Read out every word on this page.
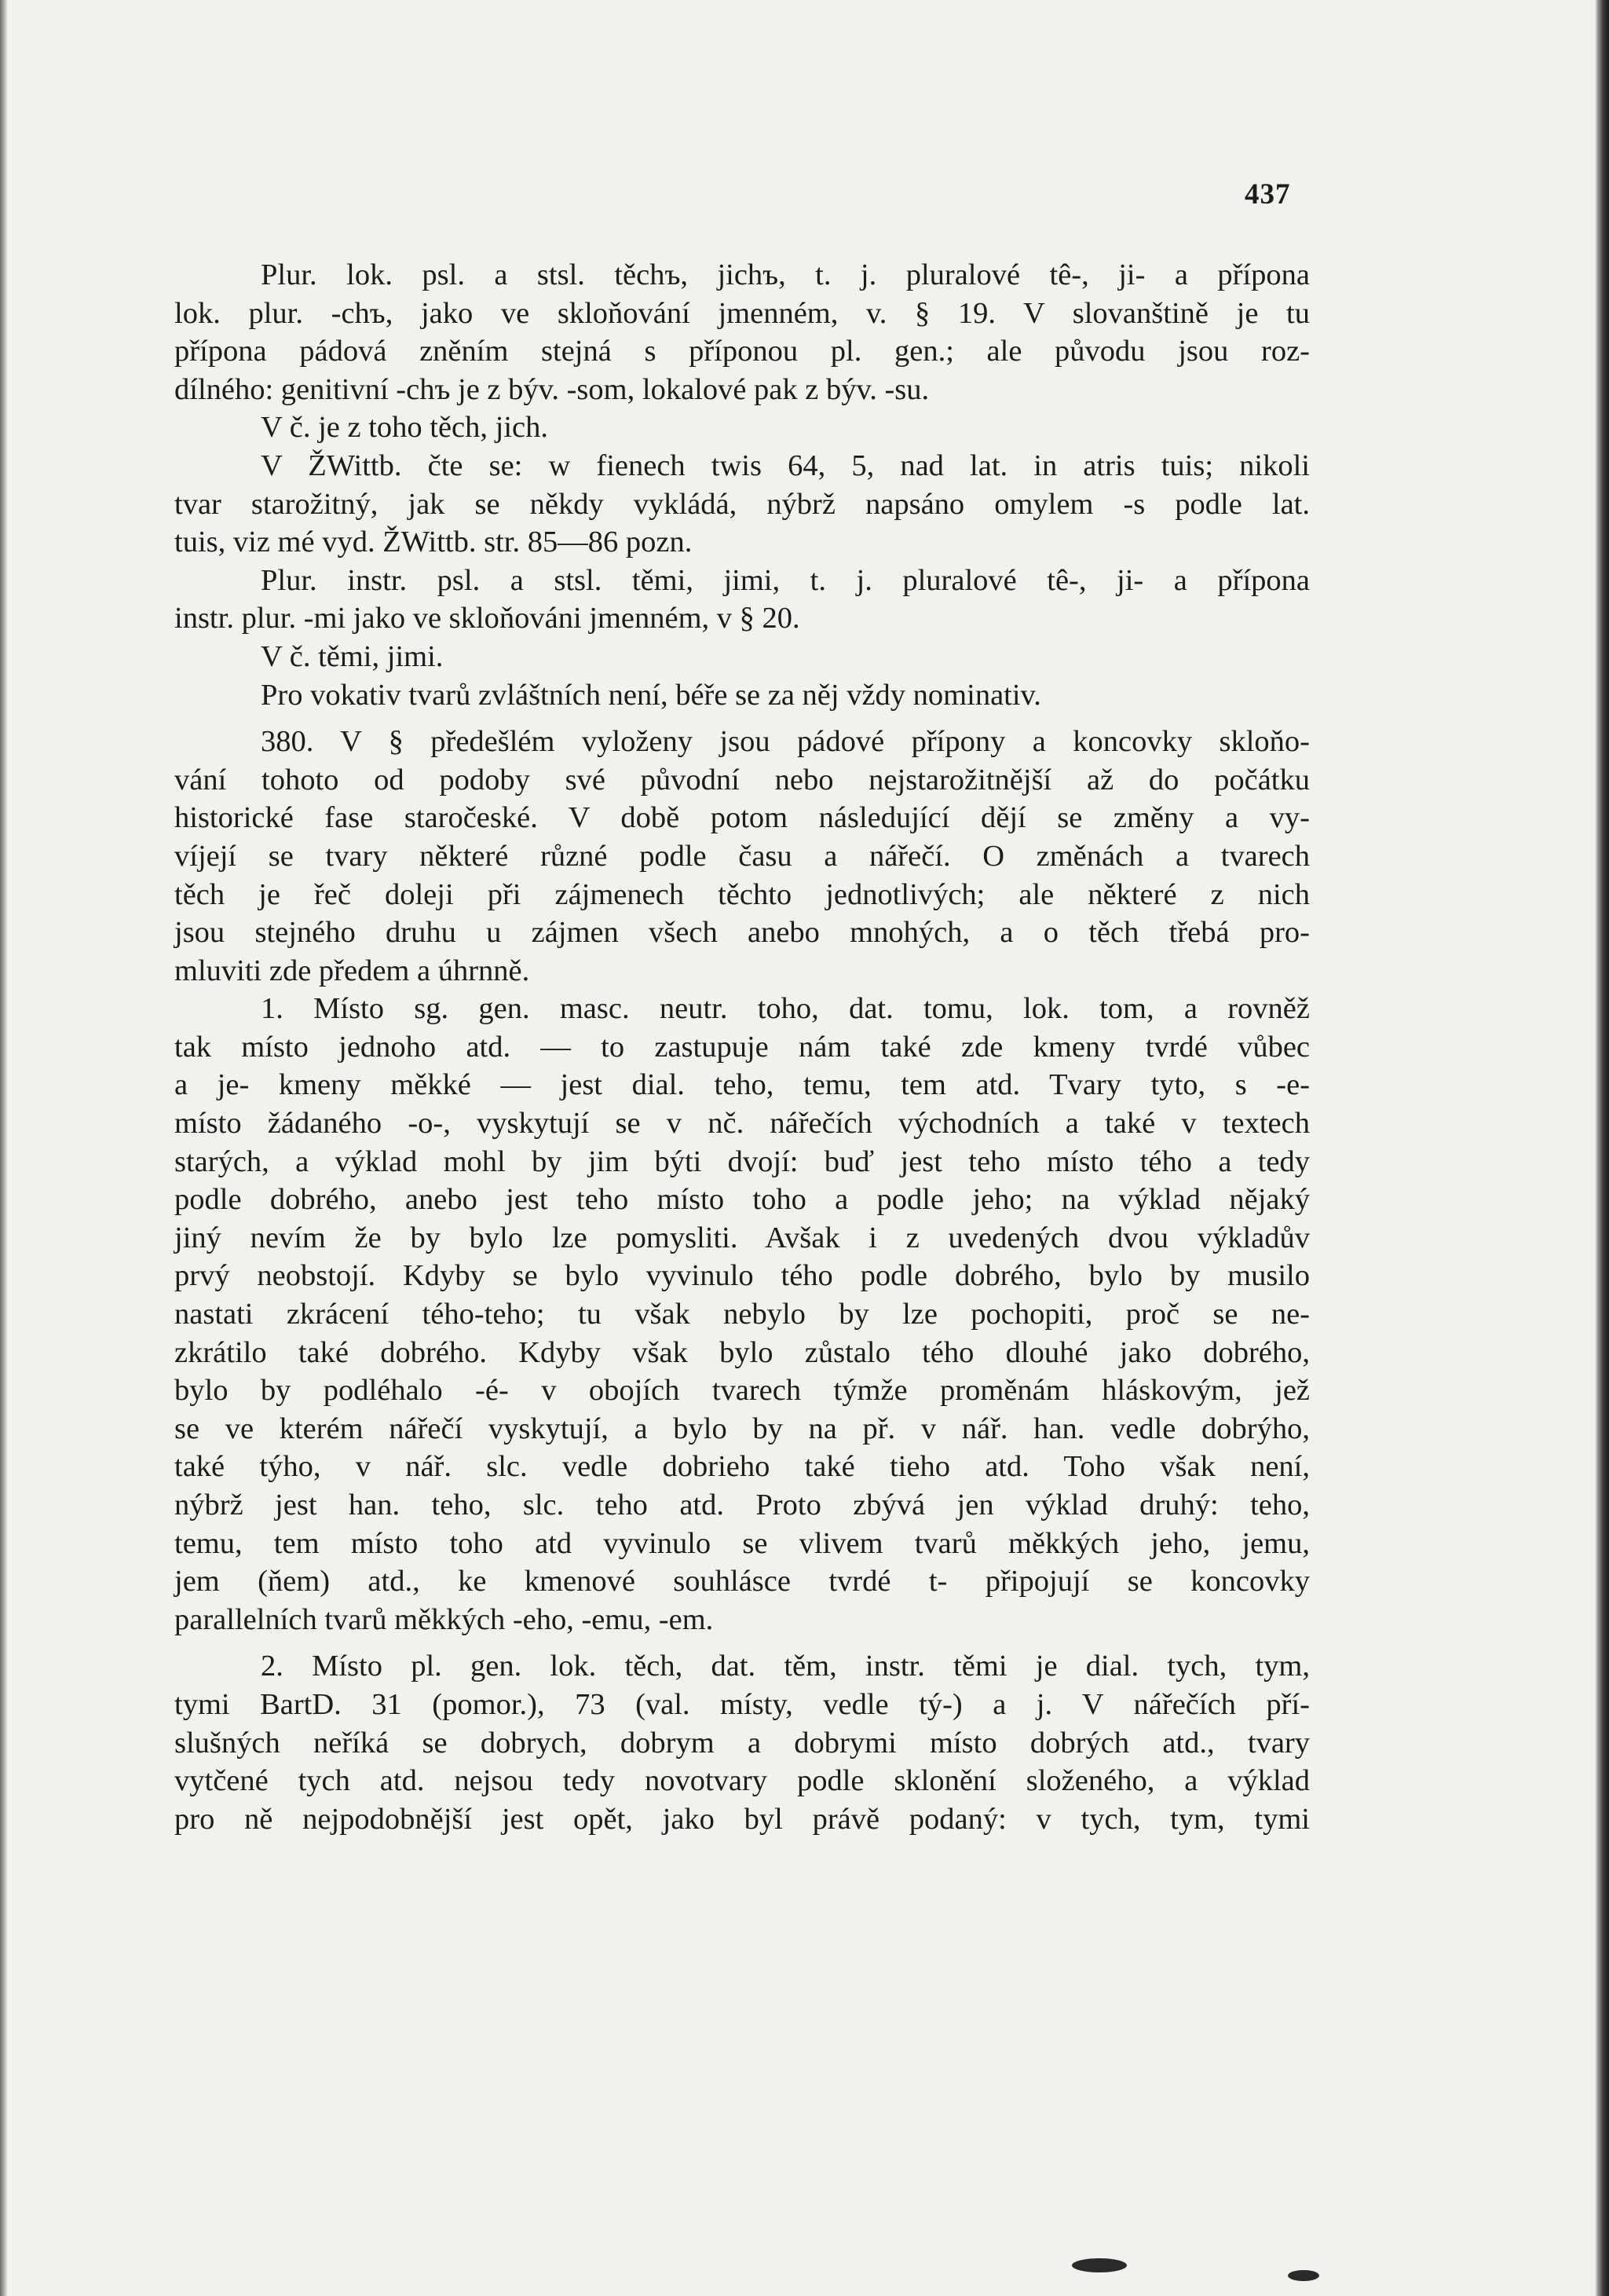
437
Plur. lok. psl. a stsl. těchъ, jichъ, t. j. pluralové tê-, ji- a přípona
lok. plur. -chъ, jako ve skloňování jmenném, v. § 19. V slovanštině je tu
přípona pádová zněním stejná s příponou pl. gen.; ale původu jsou roz-
dílného: genitivní -chъ je z býv. -som, lokalové pak z býv. -su.
V č. je z toho těch, jich.
V ŽWittb. čte se: w fienech twis 64, 5, nad lat. in atris tuis; nikoli
tvar starožitný, jak se někdy vykládá, nýbrž napsáno omylem -s podle lat.
tuis, viz mé vyd. ŽWittb. str. 85—86 pozn.
Plur. instr. psl. a stsl. těmi, jimi, t. j. pluralové tê-, ji- a přípona
instr. plur. -mi jako ve skloňováni jmenném, v § 20.
V č. těmi, jimi.
Pro vokativ tvarů zvláštních není, béře se za něj vždy nominativ.
380. V § předešlém vyloženy jsou pádové přípony a koncovky skloňo-
vání tohoto od podoby své původní nebo nejstarožitnější až do počátku
historické fase staročeské. V době potom následující dějí se změny a vy-
víjejí se tvary některé různé podle času a nářečí. O změnách a tvarech
těch je řeč doleji při zájmenech těchto jednotlivých; ale některé z nich
jsou stejného druhu u zájmen všech anebo mnohých, a o těch třebá pro-
mluviti zde předem a úhrnně.
1. Místo sg. gen. masc. neutr. toho, dat. tomu, lok. tom, a rovněž
tak místo jednoho atd. — to zastupuje nám také zde kmeny tvrdé vůbec
a je- kmeny měkké — jest dial. teho, temu, tem atd. Tvary tyto, s -e-
místo žádaného -o-, vyskytují se v nč. nářečích východních a také v textech
starých, a výklad mohl by jim býti dvojí: buď jest teho místo tého a tedy
podle dobrého, anebo jest teho místo toho a podle jeho; na výklad nějaký
jiný nevím že by bylo lze pomysliti. Avšak i z uvedených dvou výkladův
prvý neobstojí. Kdyby se bylo vyvinulo tého podle dobrého, bylo by musilo
nastati zkrácení tého-teho; tu však nebylo by lze pochopiti, proč se ne-
zkrátilo také dobrého. Kdyby však bylo zůstalo tého dlouhé jako dobrého,
bylo by podléhalo -é- v obojích tvarech týmže proměnám hláskovým, jež
se ve kterém nářečí vyskytují, a bylo by na př. v nář. han. vedle dobrýho,
také týho, v nář. slc. vedle dobrieho také tieho atd. Toho však není,
nýbrž jest han. teho, slc. teho atd. Proto zbývá jen výklad druhý: teho,
temu, tem místo toho atd vyvinulo se vlivem tvarů měkkých jeho, jemu,
jem (ňem) atd., ke kmenové souhlásce tvrdé t- připojují se koncovky
parallelních tvarů měkkých -eho, -emu, -em.
2. Místo pl. gen. lok. těch, dat. těm, instr. těmi je dial. tych, tym,
tymi BartD. 31 (pomor.), 73 (val. místy, vedle tý-) a j. V nářečích pří-
slušných neříká se dobrych, dobrym a dobrymi místo dobrých atd., tvary
vytčené tych atd. nejsou tedy novotvary podle sklonění složeného, a výklad
pro ně nejpodobnější jest opět, jako byl právě podaný: v tych, tym, tymi
